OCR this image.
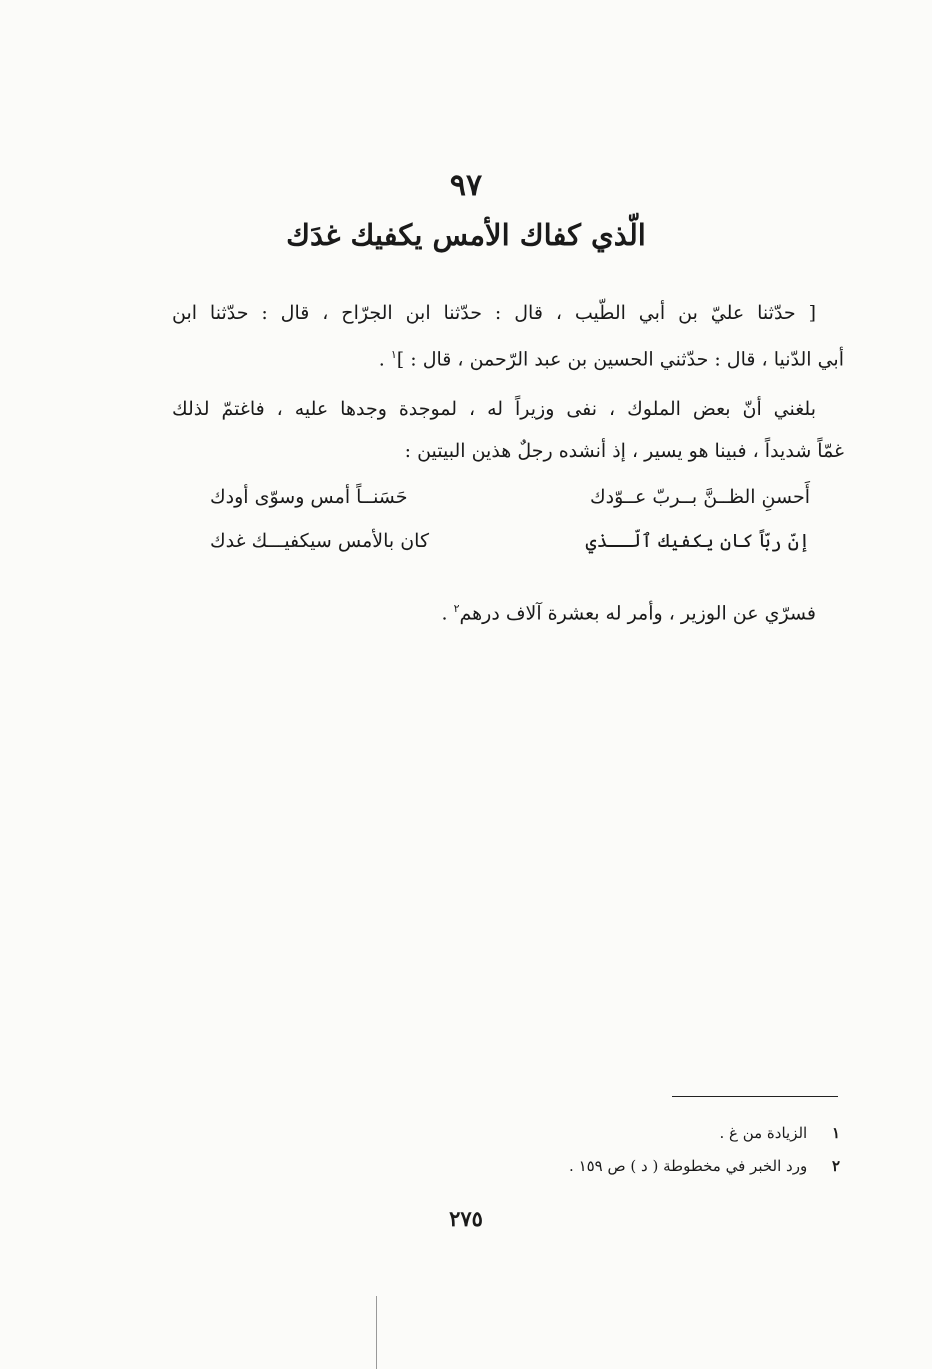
٩٧
الّذي كفاك الأمس يكفيك غدَك
[ حدّثنا عليّ بن أبي الطّيب ، قال : حدّثنا ابن الجرّاح ، قال : حدّثنا ابن
أبي الدّنيا ، قال : حدّثني الحسين بن عبد الرّحمن ، قال : ]$^١$ .
بلغني أنّ بعض الملوك ، نفى وزيراً له ، لموجدة وجدها عليه ، فاغتمّ لذلك
غمّاً شديداً ، فبينا هو يسير ، إذ أنشده رجلٌ هذين البيتين :
أَحسنِ الظــنَّ بــربّ عــوّدك
حَسَنــاً أمس وسوّى أودك
إنّ ربّاً كان يكفيك ٱلّــذي
كان بالأمس سيكفيـــك غدك
فسرّي عن الوزير ، وأمر له بعشرة آلاف درهم$^٢$ .
١ الزيادة من غ .
٢ ورد الخبر في مخطوطة ( د ) ص ١٥٩ .
٢٧٥
